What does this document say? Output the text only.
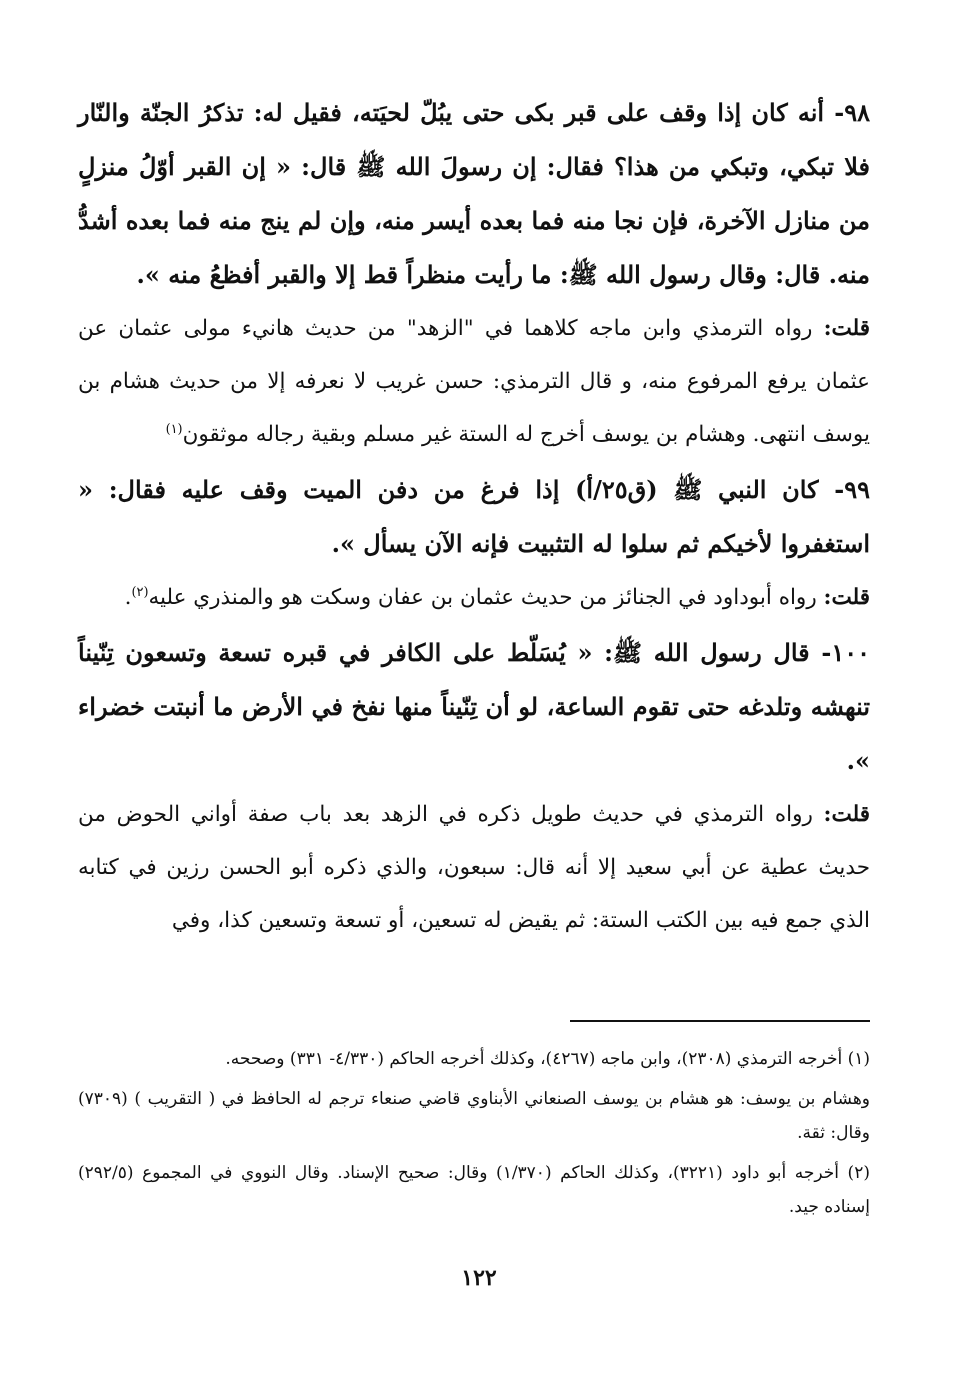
٩٨- أنه كان إذا وقف على قبر بكى حتى يبُلّ لحيَته، فقيل له: تذكرُ الجنّة والنّار فلا تبكي، وتبكي من هذا؟ فقال: إن رسولَ الله ﷺ قال: « إن القبر أوّلُ منزلٍ من منازل الآخرة، فإن نجا منه فما بعده أيسر منه، وإن لم ينج منه فما بعده أشدُّ منه. قال: وقال رسول الله ﷺ: ما رأيت منظراً قط إلا والقبر أفظعُ منه ».

قلت: رواه الترمذي وابن ماجه كلاهما في "الزهد" من حديث هانيء مولى عثمان عن عثمان يرفع المرفوع منه، و قال الترمذي: حسن غريب لا نعرفه إلا من حديث هشام بن يوسف انتهى. وهشام بن يوسف أخرج له الستة غير مسلم وبقية رجاله موثقون$^{(١)}$

٩٩- كان النبي ﷺ (ق٢٥/أ) إذا فرغ من دفن الميت وقف عليه فقال: « استغفروا لأخيكم ثم سلوا له التثبيت فإنه الآن يسأل ».

قلت: رواه أبوداود في الجنائز من حديث عثمان بن عفان وسكت هو والمنذري عليه$^{(٢)}$.

١٠٠- قال رسول الله ﷺ: « يُسَلّط على الكافر في قبره تسعة وتسعون تِنّيناً تنهشه وتلدغه حتى تقوم الساعة، لو أن تِنّيناً منها نفخ في الأرض ما أنبتت خضراء ».

قلت: رواه الترمذي في حديث طويل ذكره في الزهد بعد باب صفة أواني الحوض من حديث عطية عن أبي سعيد إلا أنه قال: سبعون، والذي ذكره أبو الحسن رزين في كتابه الذي جمع فيه بين الكتب الستة: ثم يقيض له تسعين، أو تسعة وتسعين كذا، وفي

(١) أخرجه الترمذي (٢٣٠٨)، وابن ماجه (٤٢٦٧)، وكذلك أخرجه الحاكم (٤/٣٣٠- ٣٣١) وصححه.

وهشام بن يوسف: هو هشام بن يوسف الصنعاني الأبناوي قاضي صنعاء ترجم له الحافظ في ( التقريب ) (٧٣٠٩) وقال: ثقة.

(٢) أخرجه أبو داود (٣٢٢١)، وكذلك الحاكم (١/٣٧٠) وقال: صحيح الإسناد. وقال النووي في المجموع (٢٩٢/٥) إسناده جيد.

١٢٢
